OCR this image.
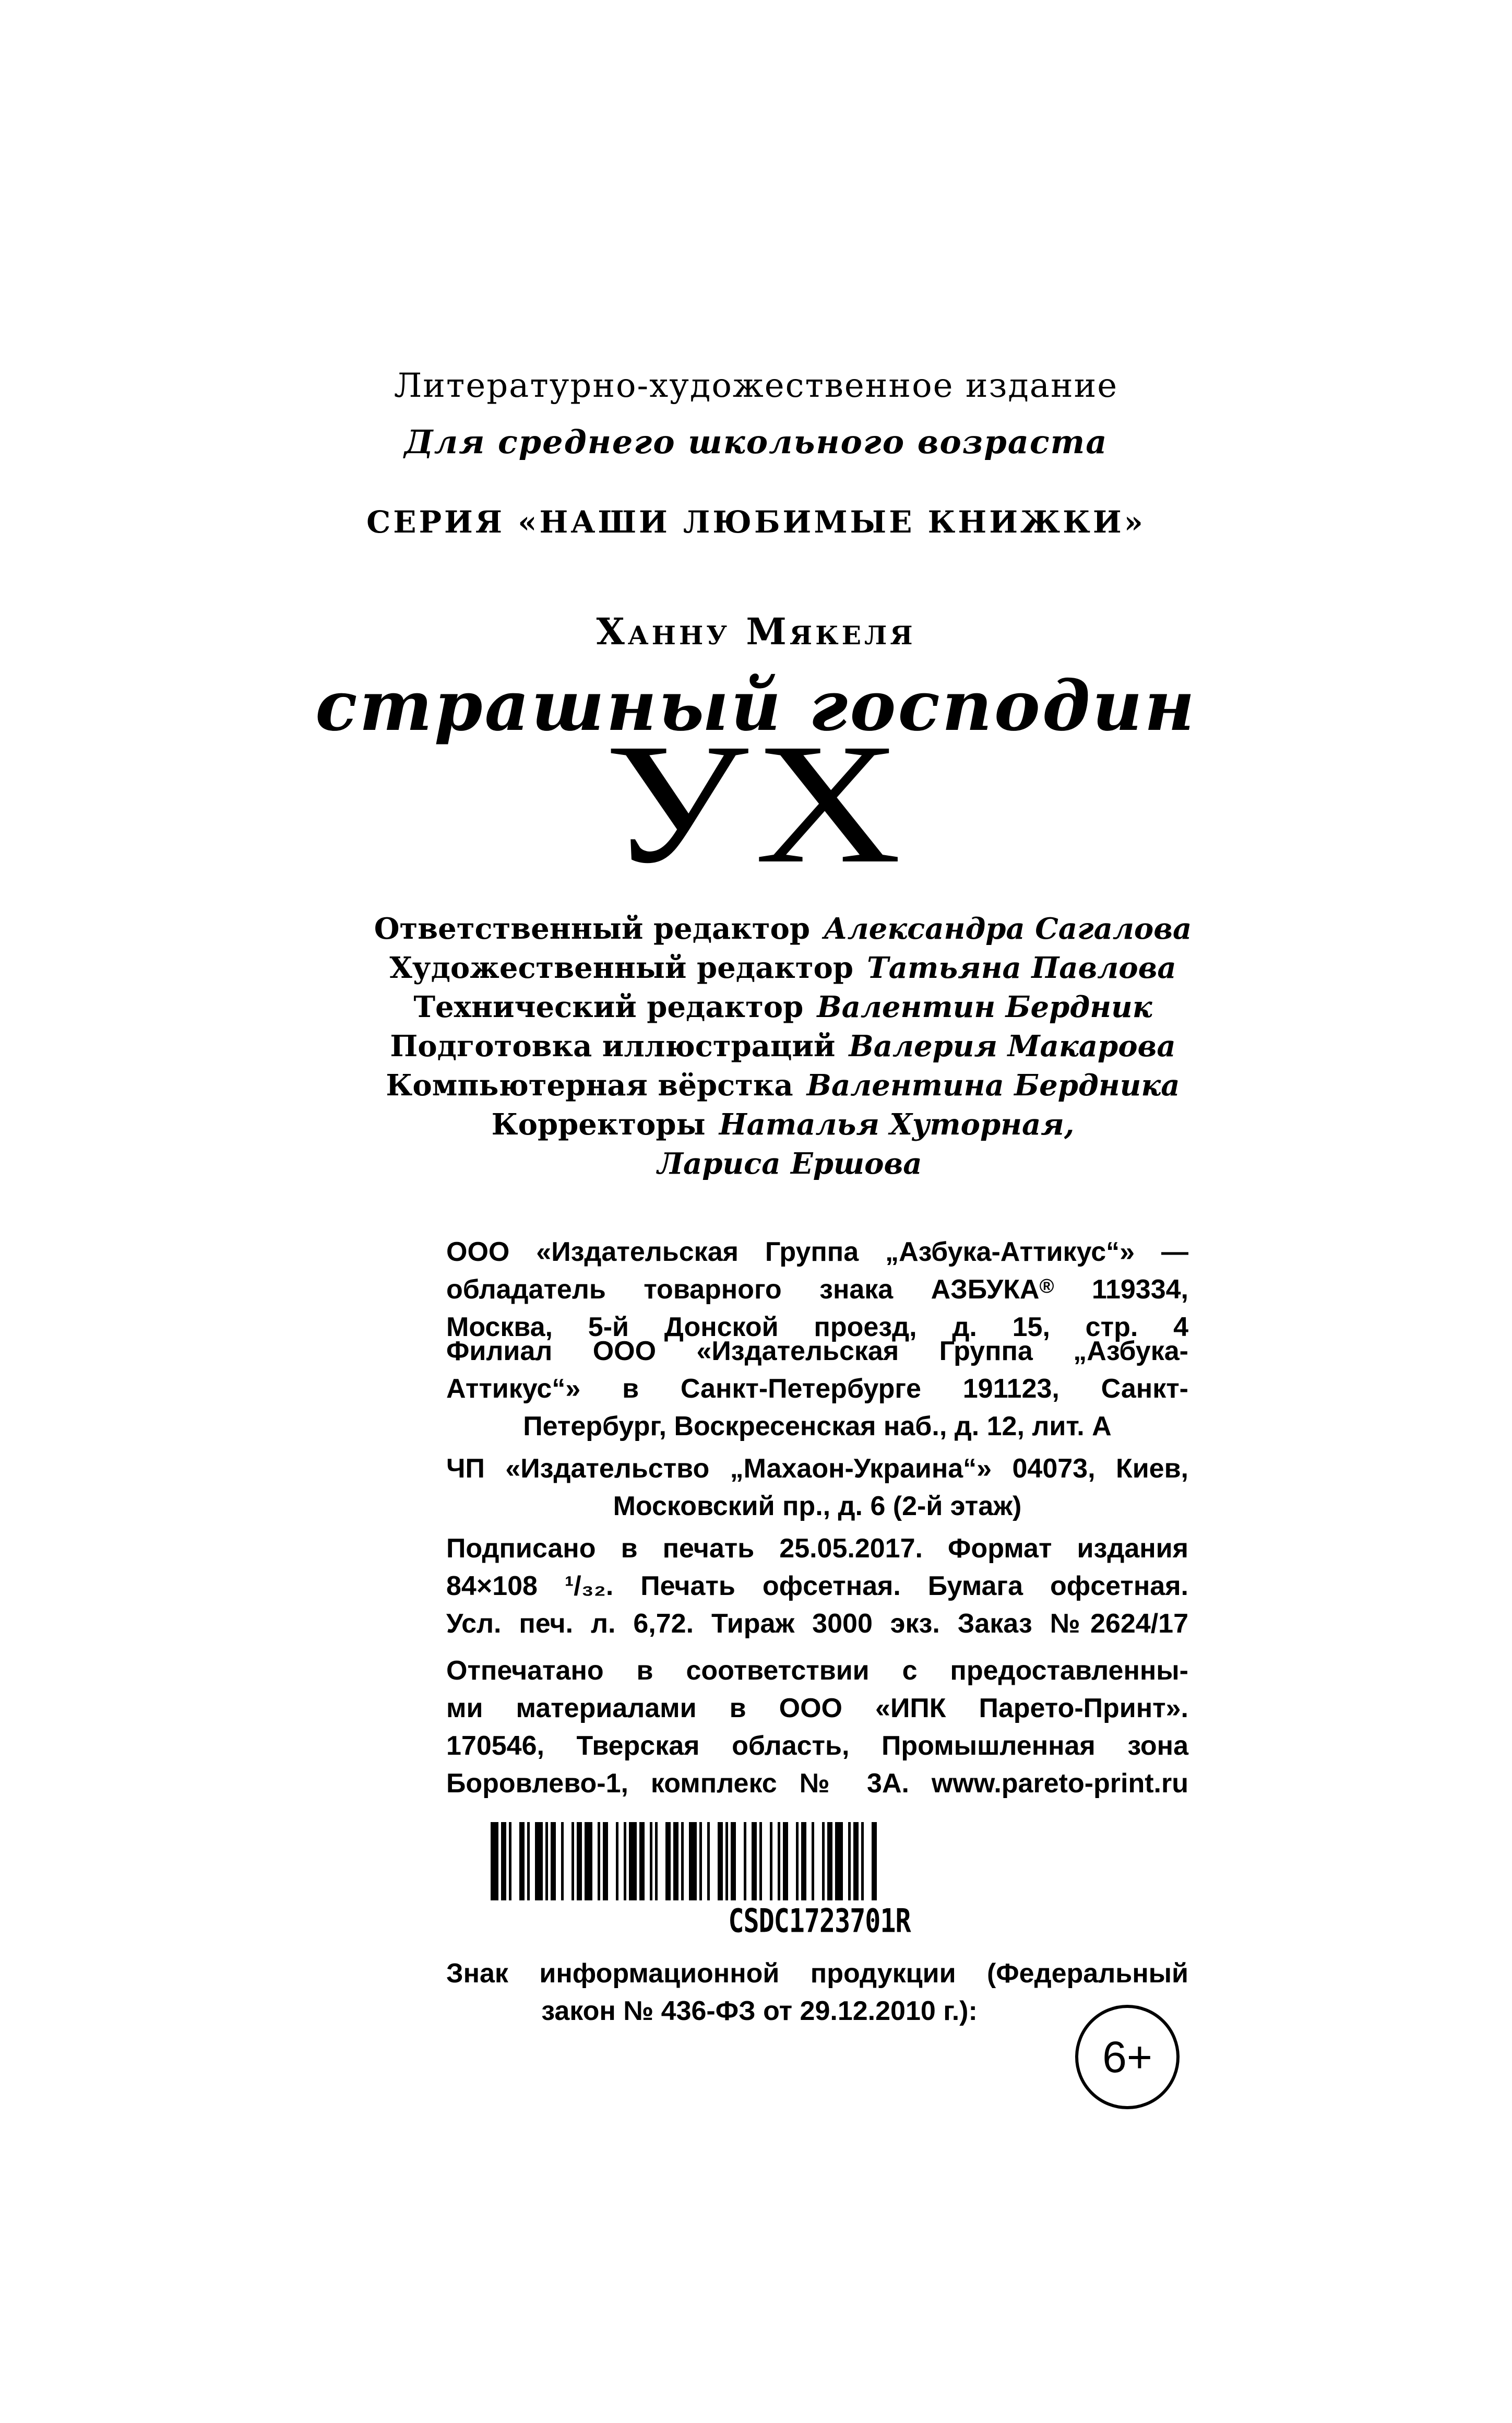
Литературно-художественное издание
Для среднего школьного возраста
СЕРИЯ «НАШИ ЛЮБИМЫЕ КНИЖКИ»
Ханну Мякеля
страшный господин
УХ
Ответственный редактор Александра Сагалова
Художественный редактор Татьяна Павлова
Технический редактор Валентин Бердник
Подготовка иллюстраций Валерия Макарова
Компьютерная вёрстка Валентина Бердника
Корректоры Наталья Хуторная,
Лариса Ершова
ООО «Издательская Группа „Азбука-Аттикус“» —
обладатель товарного знака АЗБУКА® 119334,
Москва, 5-й Донской проезд, д. 15, стр. 4
Филиал ООО «Издательская Группа „Азбука-
Аттикус“» в Санкт-Петербурге 191123, Санкт-
Петербург, Воскресенская наб., д. 12, лит. А
ЧП «Издательство „Махаон-Украина“» 04073, Киев,
Московский пр., д. 6 (2-й этаж)
Подписано в печать 25.05.2017. Формат издания
84×108 ¹/₃₂. Печать офсетная. Бумага офсетная.
Усл. печ. л. 6,72. Тираж 3000 экз. Заказ №2624/17
Отпечатано в соответствии с предоставленны-
ми материалами в ООО «ИПК Парето-Принт».
170546, Тверская область, Промышленная зона
Боровлево-1, комплекс № 3А. www.pareto-print.ru
CSDC1723701R
Знак информационной продукции (Федеральный
закон № 436-ФЗ от 29.12.2010 г.):
6+
